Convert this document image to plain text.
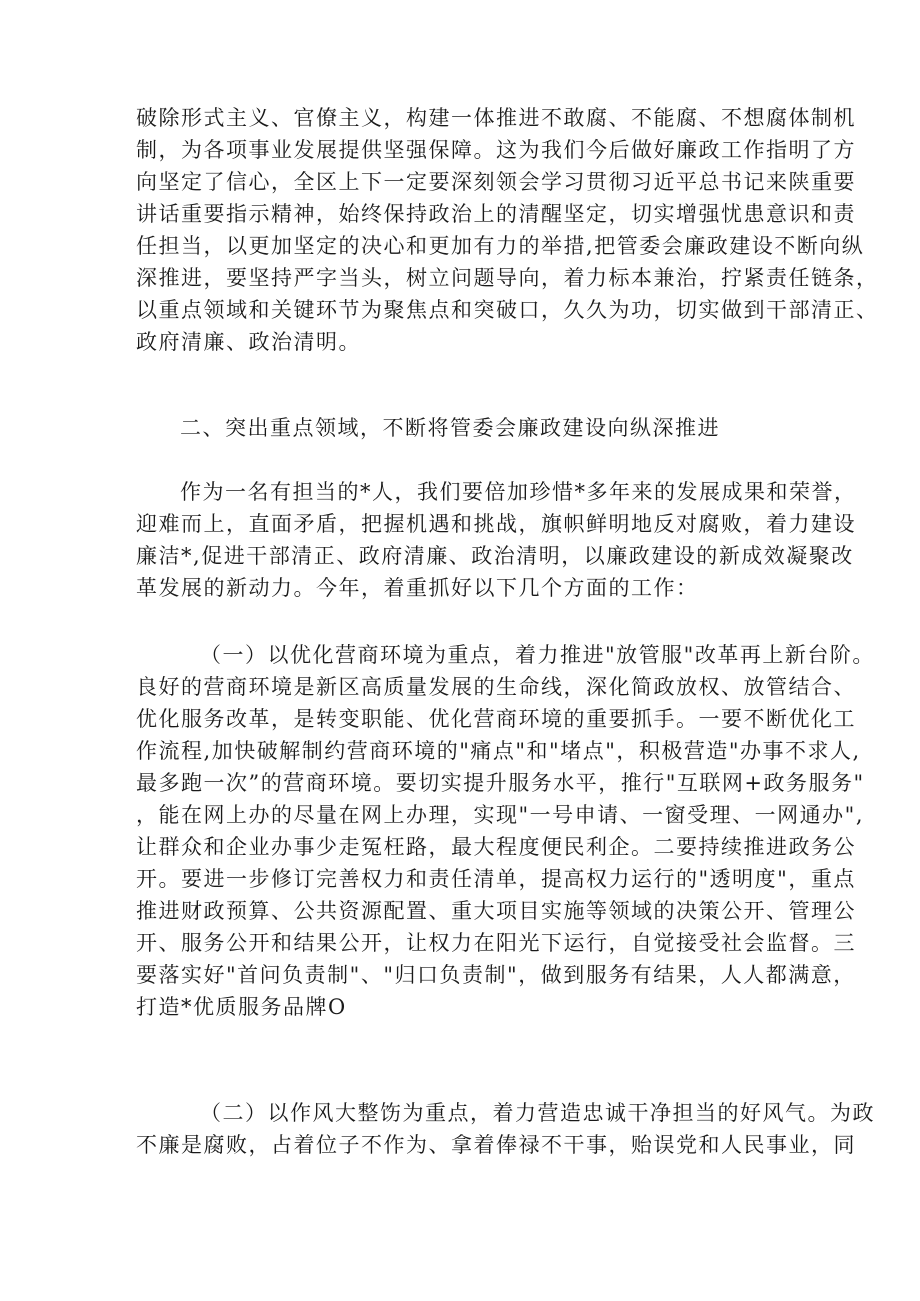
破 除 形 式 主 义 、 官 僚 主 义 ， 构 建 一 体 推 进 不 敢 腐 、 不 能 腐 、 不 想 腐 体 制 机
制 ， 为 各 项 事 业 发 展 提 供 坚 强 保 障 。 这 为 我 们 今 后 做 好 廉 政 工 作 指 明 了 方
向 坚 定 了 信 心 ， 全 区 上 下 一 定 要 深 刻 领 会 学 习 贯 彻 习 近 平 总 书 记 来 陕 重 要
讲 话 重 要 指 示 精 神 ， 始 终 保 持 政 治 上 的 清 醒 坚 定 ， 切 实 增 强 忧 患 意 识 和 责
任 担 当 ， 以 更 加 坚 定 的 决 心 和 更 加 有 力 的 举 措 , 把 管 委 会 廉 政 建 设 不 断 向 纵
深 推 进 ， 要 坚 持 严 字 当 头 ， 树 立 问 题 导 向 ， 着 力 标 本 兼 治 ， 拧 紧 责 任 链 条 ，
以 重 点 领 域 和 关 键 环 节 为 聚 焦 点 和 突 破 口 ， 久 久 为 功 ， 切 实 做 到 干 部 清 正 、
政府清廉、政治清明。
二、突出重点领域，不断将管委会廉政建设向纵深推进
作 为 一 名 有 担 当 的 * 人 ， 我 们 要 倍 加 珍 惜 * 多 年 来 的 发 展 成 果 和 荣 誉 ，
迎 难 而 上 ， 直 面 矛 盾 ， 把 握 机 遇 和 挑 战 ， 旗 帜 鲜 明 地 反 对 腐 败 ， 着 力 建 设
廉 洁 * , 促 进 干 部 清 正 、 政 府 清 廉 、 政 治 清 明 ， 以 廉 政 建 设 的 新 成 效 凝 聚 改
革发展的新动力。今年，着重抓好以下几个方面的工作：
（ 一 ） 以 优 化 营 商 环 境 为 重 点 ， 着 力 推 进 " 放 管 服 " 改 革 再 上 新 台 阶 。
良 好 的 营 商 环 境 是 新 区 高 质 量 发 展 的 生 命 线 ， 深 化 简 政 放 权 、 放 管 结 合 、
优 化 服 务 改 革 ， 是 转 变 职 能 、 优 化 营 商 环 境 的 重 要 抓 手 。 一 要 不 断 优 化 工
作 流 程 , 加 快 破 解 制 约 营 商 环 境 的 " 痛 点 " 和 " 堵 点 " ， 积 极 营 造 " 办 事 不 求 人 ,
最 多 跑 一 次 ” 的 营 商 环 境 。 要 切 实 提 升 服 务 水 平 ， 推 行 " 互 联 网 + 政 务 服 务 "
， 能 在 网 上 办 的 尽 量 在 网 上 办 理 ， 实 现 " 一 号 申 请 、 一 窗 受 理 、 一 网 通 办 " ,
让 群 众 和 企 业 办 事 少 走 冤 枉 路 ， 最 大 程 度 便 民 利 企 。 二 要 持 续 推 进 政 务 公
开 。 要 进 一 步 修 订 完 善 权 力 和 责 任 清 单 ， 提 高 权 力 运 行 的 " 透 明 度 " ， 重 点
推 进 财 政 预 算 、 公 共 资 源 配 置 、 重 大 项 目 实 施 等 领 域 的 决 策 公 开 、 管 理 公
开 、 服 务 公 开 和 结 果 公 开 ， 让 权 力 在 阳 光 下 运 行 ， 自 觉 接 受 社 会 监 督 。 三
要 落 实 好 " 首 问 负 责 制 " 、 " 归 口 负 责 制 " ， 做 到 服 务 有 结 果 ， 人 人 都 满 意 ，
打造*优质服务品牌O
（ 二 ） 以 作 风 大 整 饬 为 重 点 ， 着 力 营 造 忠 诚 干 净 担 当 的 好 风 气 。 为 政
不 廉 是 腐 败 ， 占 着 位 子 不 作 为 、 拿 着 俸 禄 不 干 事 ， 贻 误 党 和 人 民 事 业 ， 同
